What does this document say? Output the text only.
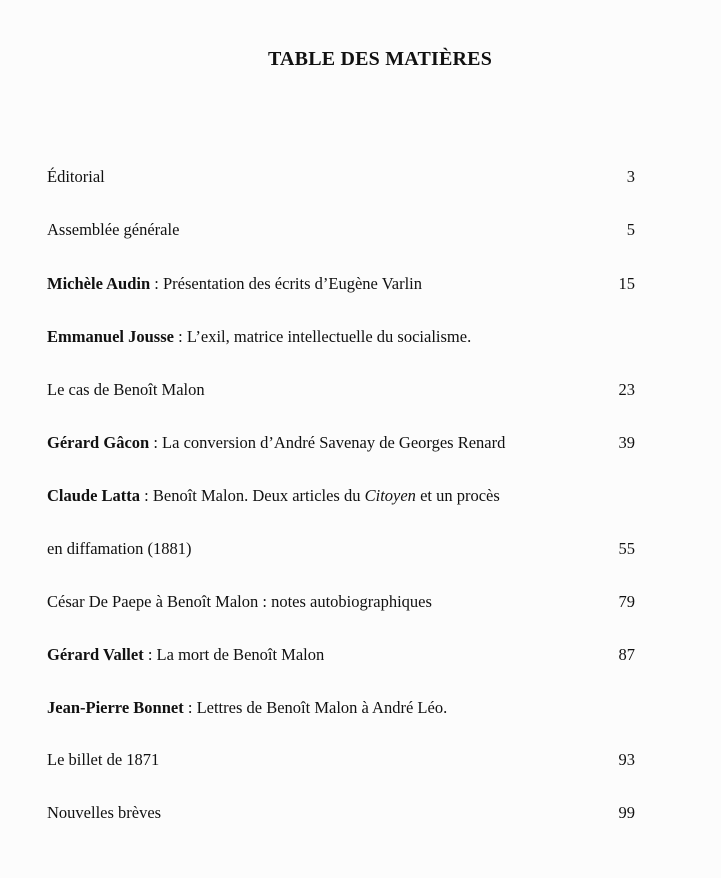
TABLE DES MATIÈRES
Éditorial	3
Assemblée générale	5
Michèle Audin : Présentation des écrits d’Eugène Varlin	15
Emmanuel Jousse : L’exil, matrice intellectuelle du socialisme.
Le cas de Benoît Malon	23
Gérard Gâcon : La conversion d’André Savenay de Georges Renard	39
Claude Latta : Benoît Malon. Deux articles du Citoyen et un procès
en diffamation (1881)	55
César De Paepe à Benoît Malon : notes autobiographiques	79
Gérard Vallet : La mort de Benoît Malon	87
Jean-Pierre Bonnet : Lettres de Benoît Malon à André Léo.
Le billet de 1871	93
Nouvelles brèves	99
